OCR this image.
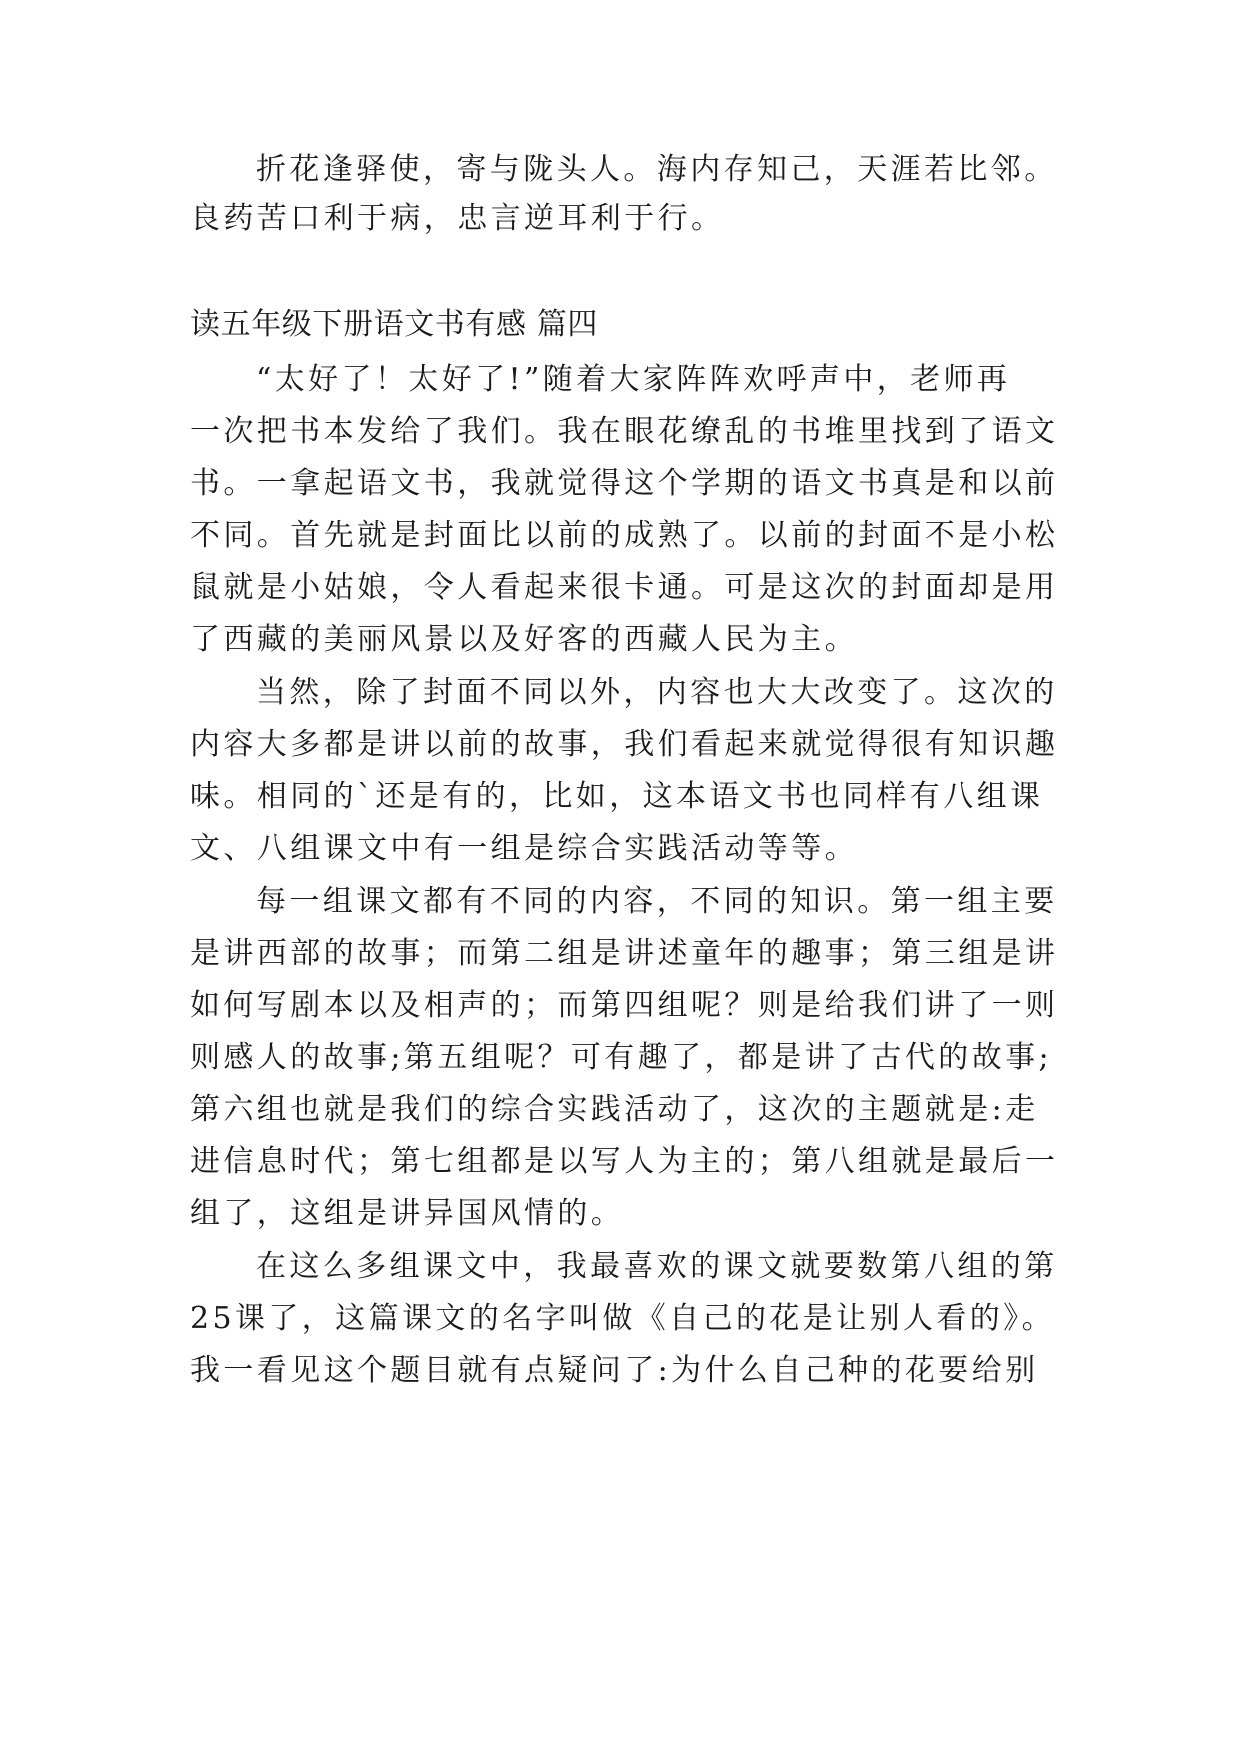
折花逢驿使，寄与陇头人。海内存知己，天涯若比邻。
良药苦口利于病，忠言逆耳利于行。
读五年级下册语文书有感 篇四
“太好了！太好了!”随着大家阵阵欢呼声中，老师再
一次把书本发给了我们。我在眼花缭乱的书堆里找到了语文
书。一拿起语文书，我就觉得这个学期的语文书真是和以前
不同。首先就是封面比以前的成熟了。以前的封面不是小松
鼠就是小姑娘，令人看起来很卡通。可是这次的封面却是用
了西藏的美丽风景以及好客的西藏人民为主。
当然，除了封面不同以外，内容也大大改变了。这次的
内容大多都是讲以前的故事，我们看起来就觉得很有知识趣
味。相同的`还是有的，比如，这本语文书也同样有八组课
文、八组课文中有一组是综合实践活动等等。
每一组课文都有不同的内容，不同的知识。第一组主要
是讲西部的故事；而第二组是讲述童年的趣事；第三组是讲
如何写剧本以及相声的；而第四组呢？则是给我们讲了一则
则感人的故事;第五组呢？可有趣了，都是讲了古代的故事;
第六组也就是我们的综合实践活动了，这次的主题就是:走
进信息时代；第七组都是以写人为主的；第八组就是最后一
组了，这组是讲异国风情的。
在这么多组课文中，我最喜欢的课文就要数第八组的第
25课了，这篇课文的名字叫做《自己的花是让别人看的》。
我一看见这个题目就有点疑问了:为什么自己种的花要给别
